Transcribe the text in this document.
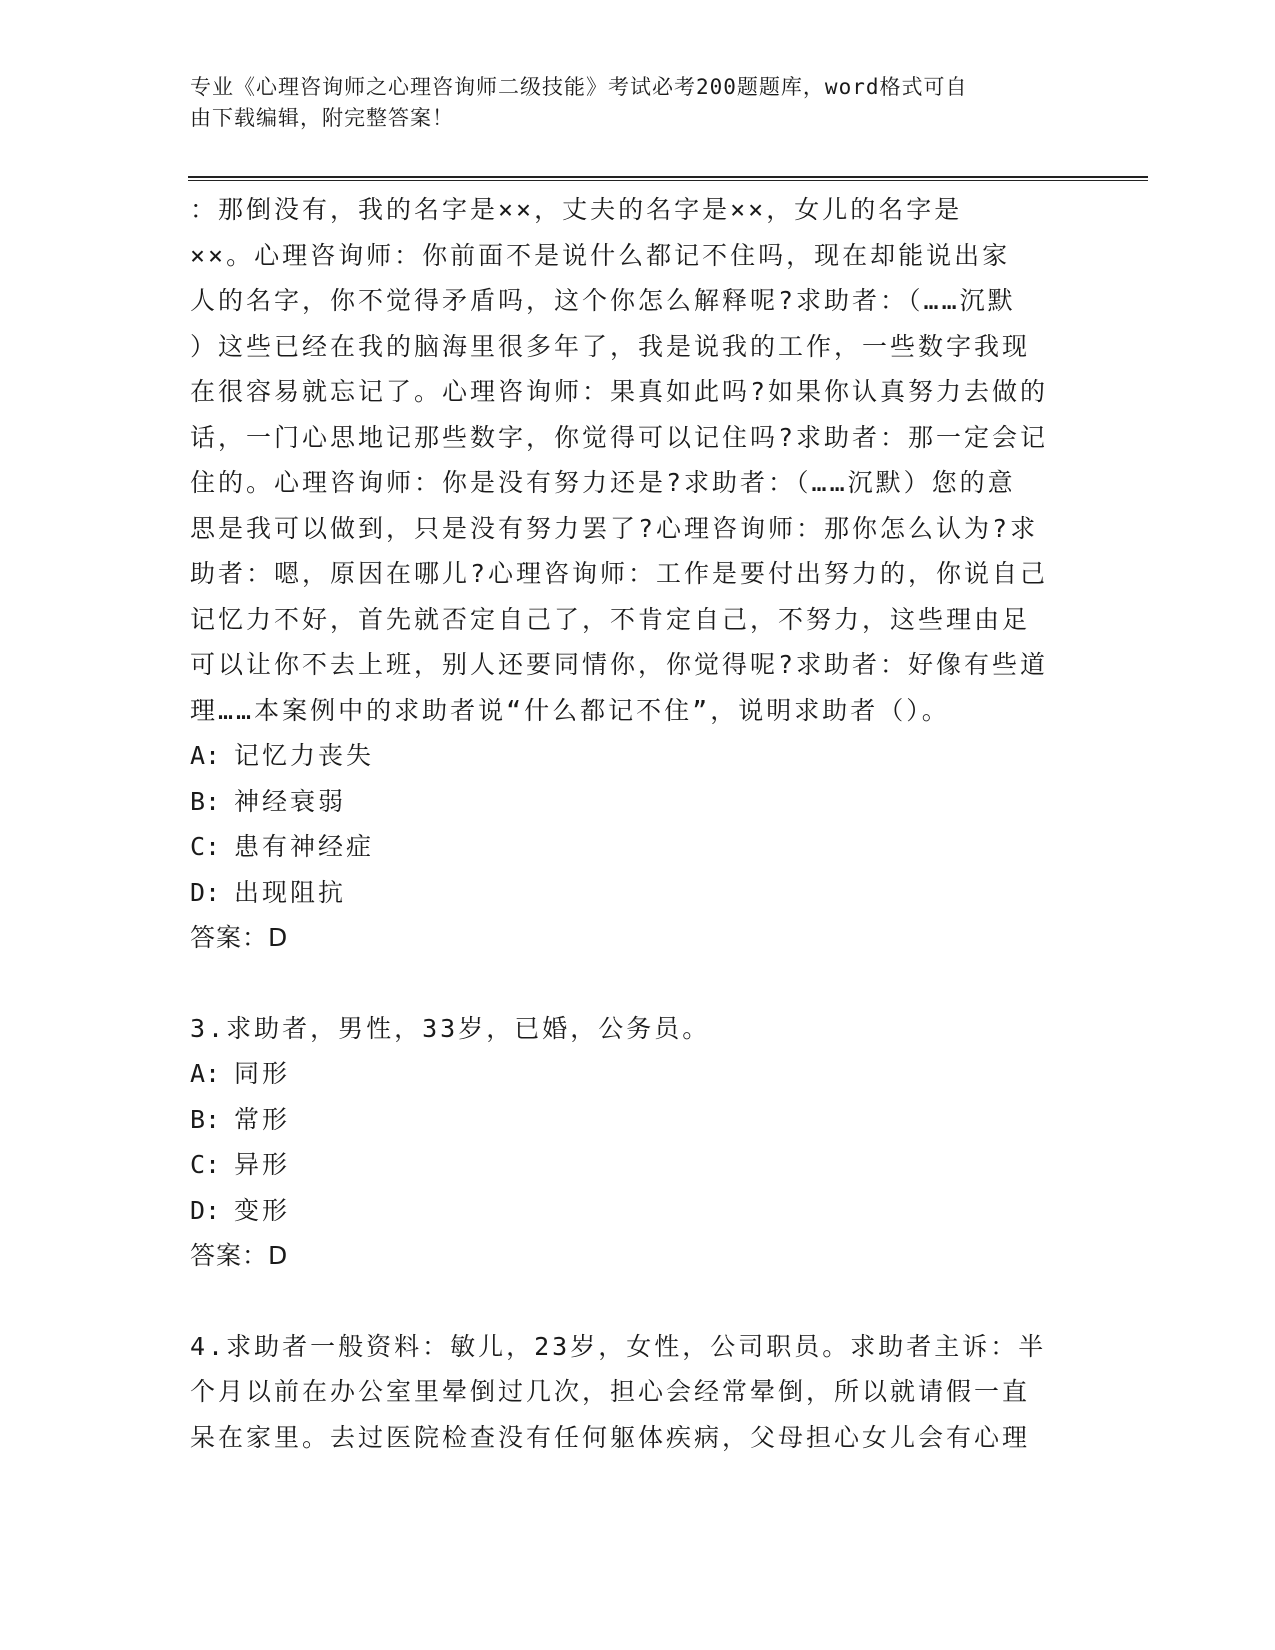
专业《心理咨询师之心理咨询师二级技能》考试必考200题题库，word格式可自
由下载编辑，附完整答案！
：那倒没有，我的名字是××，丈夫的名字是××，女儿的名字是
××。心理咨询师：你前面不是说什么都记不住吗，现在却能说出家
人的名字，你不觉得矛盾吗，这个你怎么解释呢?求助者：（……沉默
）这些已经在我的脑海里很多年了，我是说我的工作，一些数字我现
在很容易就忘记了。心理咨询师：果真如此吗?如果你认真努力去做的
话，一门心思地记那些数字，你觉得可以记住吗?求助者：那一定会记
住的。心理咨询师：你是没有努力还是?求助者：（……沉默）您的意
思是我可以做到，只是没有努力罢了?心理咨询师：那你怎么认为?求
助者：嗯，原因在哪儿?心理咨询师：工作是要付出努力的，你说自己
记忆力不好，首先就否定自己了，不肯定自己，不努力，这些理由足
可以让你不去上班，别人还要同情你，你觉得呢?求助者：好像有些道
理……本案例中的求助者说“什么都记不住”，说明求助者（）。
A: 记忆力丧失
B: 神经衰弱
C: 患有神经症
D: 出现阻抗
答案：D
3.求助者，男性，33岁，已婚，公务员。
A: 同形
B: 常形
C: 异形
D: 变形
答案：D
4.求助者一般资料：敏儿，23岁，女性，公司职员。求助者主诉：半
个月以前在办公室里晕倒过几次，担心会经常晕倒，所以就请假一直
呆在家里。去过医院检查没有任何躯体疾病，父母担心女儿会有心理
